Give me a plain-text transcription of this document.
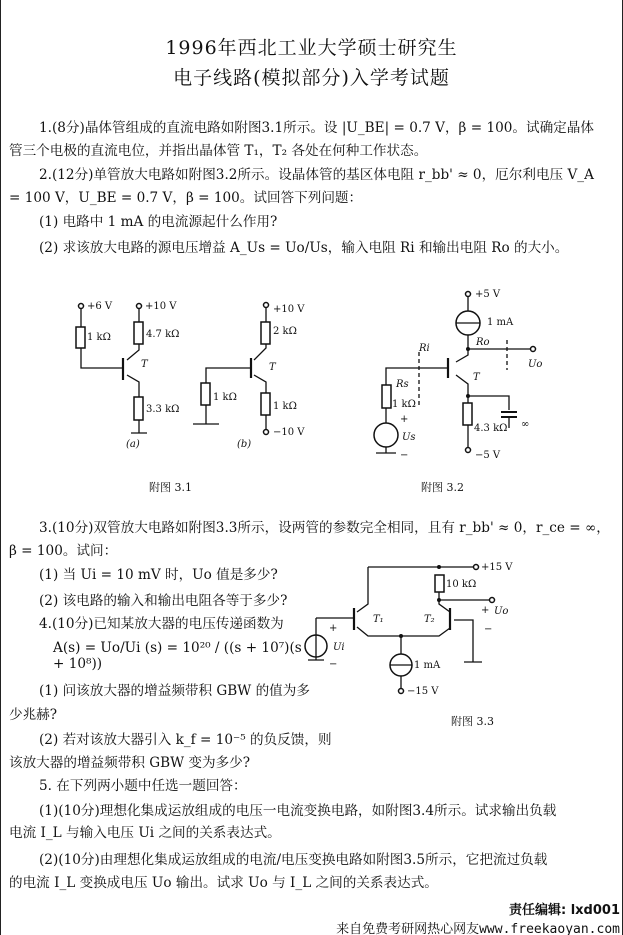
1996年西北工业大学硕士研究生
电子线路(模拟部分)入学考试题
1.(8分)晶体管组成的直流电路如附图3.1所示。设 |U_BE| = 0.7 V，β = 100。试确定晶体
管三个电极的直流电位，并指出晶体管 T₁，T₂ 各处在何种工作状态。
2.(12分)单管放大电路如附图3.2所示。设晶体管的基区体电阻 r_bb' ≈ 0，厄尔利电压 V_A
= 100 V，U_BE = 0.7 V，β = 100。试回答下列问题：
(1) 电路中 1 mA 的电流源起什么作用?
(2) 求该放大电路的源电压增益 A_Us = Uo/Us，输入电阻 Ri 和输出电阻 Ro 的大小。
3.(10分)双管放大电路如附图3.3所示，设两管的参数完全相同，且有 r_bb' ≈ 0，r_ce = ∞，
β = 100。试问：
(1) 当 Ui = 10 mV 时，Uo 值是多少?
(2) 该电路的输入和输出电阻各等于多少?
4.(10分)已知某放大器的电压传递函数为
A(s) = Uo/Ui (s) = 10²⁰ / ((s + 10⁷)(s + 10⁸))
(1) 问该放大器的增益频带积 GBW 的值为多
少兆赫?
(2) 若对该放大器引入 k_f = 10⁻⁵ 的负反馈，则
该放大器的增益频带积 GBW 变为多少?
5. 在下列两小题中任选一题回答：
(1)(10分)理想化集成运放组成的电压一电流变换电路，如附图3.4所示。试求输出负载
电流 I_L 与输入电压 Ui 之间的关系表达式。
(2)(10分)由理想化集成运放组成的电流/电压变换电路如附图3.5所示，它把流过负载
的电流 I_L 变换成电压 Uo 输出。试求 Uo 与 I_L 之间的关系表达式。
+6 V	+10 V
1 kΩ	4.7 kΩ
3.3 kΩ
T
(a)
+10 V
−10 V
2 kΩ
1 kΩ
1 kΩ
T
(b)
附图 3.1
+5 V
1 mA
Ro
Ri
Uo
T
Rs
1 kΩ
+
Us
−
4.3 kΩ ∞
−5 V
附图 3.2
+15 V
10 kΩ
+ Uo
−
T₁	T₂
+
Ui
−	1 mA
−15 V
附图 3.3
责任编辑: lxd001
来自免费考研网热心网友www.freekaoyan.com
